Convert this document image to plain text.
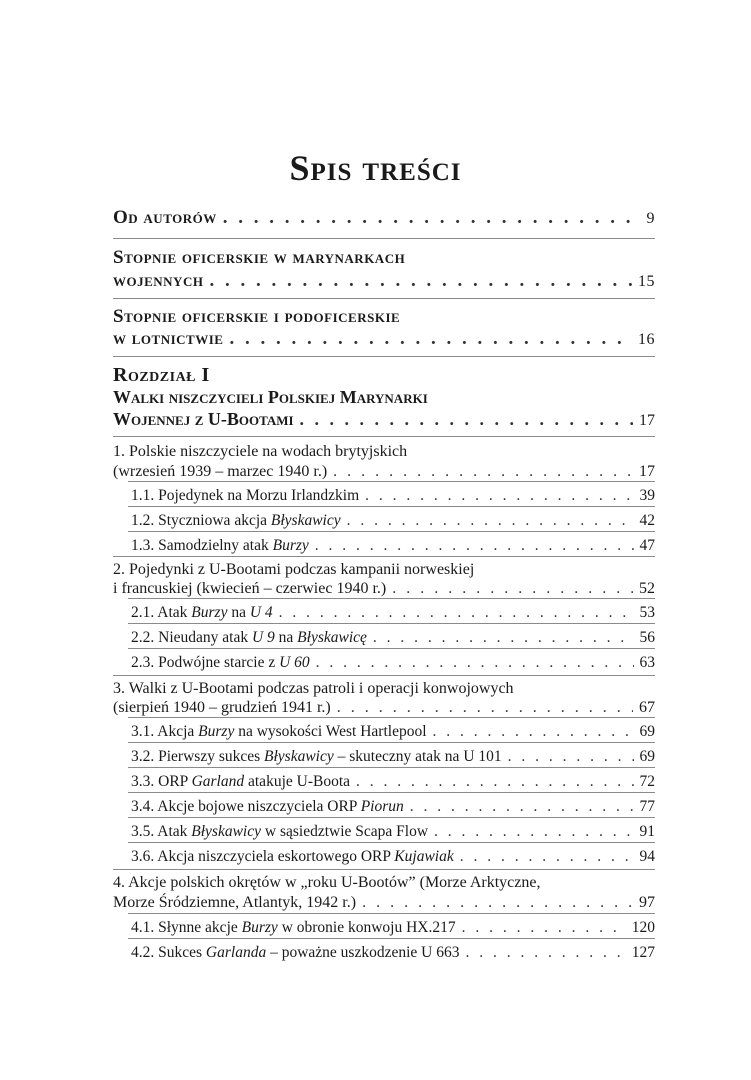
Spis treści
Od autorów . . .	9
Stopnie oficerskie w marynarkach
wojennych . . .	15
Stopnie oficerskie i podoficerskie
w lotnictwie . . .	16
Rozdział I
Walki niszczycieli Polskiej Marynarki
Wojennej z U-Bootami . . .	17
1. Polskie niszczyciele na wodach brytyjskich
(wrzesień 1939 – marzec 1940 r.) . . .	17
1.1. Pojedynek na Morzu Irlandzkim . . .	39
1.2. Styczniowa akcja Błyskawicy . . .	42
1.3. Samodzielny atak Burzy . . .	47
2. Pojedynki z U-Bootami podczas kampanii norweskiej
i francuskiej (kwiecień – czerwiec 1940 r.) . . .	52
2.1. Atak Burzy na U 4 . . .	53
2.2. Nieudany atak U 9 na Błyskawicę . . .	56
2.3. Podwójne starcie z U 60 . . .	63
3. Walki z U-Bootami podczas patroli i operacji konwojowych
(sierpień 1940 – grudzień 1941 r.) . . .	67
3.1. Akcja Burzy na wysokości West Hartlepool . . .	69
3.2. Pierwszy sukces Błyskawicy – skuteczny atak na U 101 . . .	69
3.3. ORP Garland atakuje U-Boota . . .	72
3.4. Akcje bojowe niszczyciela ORP Piorun . . .	77
3.5. Atak Błyskawicy w sąsiedztwie Scapa Flow . . .	91
3.6. Akcja niszczyciela eskortowego ORP Kujawiak . . .	94
4. Akcje polskich okrętów w „roku U-Bootów” (Morze Arktyczne,
Morze Śródziemne, Atlantyk, 1942 r.) . . .	97
4.1. Słynne akcje Burzy w obronie konwoju HX.217 . . .	120
4.2. Sukces Garlanda – poważne uszkodzenie U 663 . . .	127
